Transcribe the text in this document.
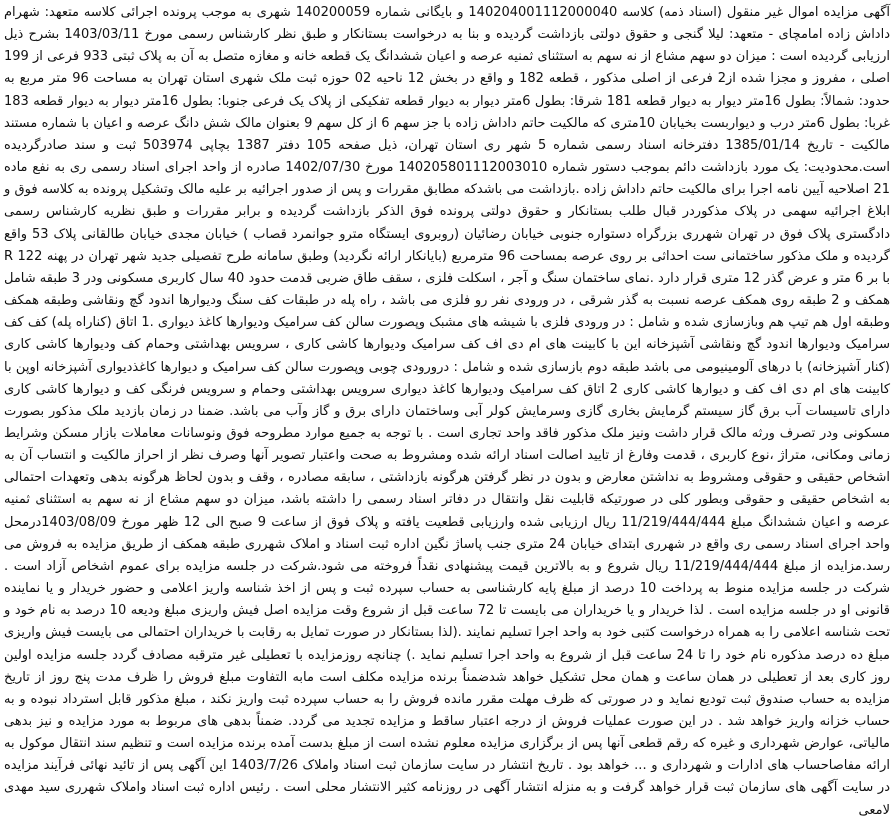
آگهی مزایده اموال غیر منقول (اسناد ذمه) کلاسه 140204001112000040 و بایگانی شماره 140200059 شهری به موجب پرونده اجرائی کلاسه متعهد: شهرام داداش زاده امامچای - متعهد: لیلا گنجی و حقوق دولتی بازداشت گردیده و بنا به درخواست بستانکار و طبق نظر کارشناس رسمی مورخ 1403/03/11 بشرح ذیل ارزیابی گردیده است : میزان دو سهم مشاع از نه سهم به استثنای ثمنیه عرصه و اعیان ششدانگ یک قطعه خانه و مغازه متصل به آن به پلاک ثبتی 933 فرعی از 199 اصلی ، مفروز و مجزا شده از2 فرعی از اصلی مذکور ، قطعه 182 و واقع در بخش 12 ناحیه 02 حوزه ثبت ملک شهری استان تهران به مساحت 96 متر مربع به حدود: شمالاً: بطول 16متر دیوار به دیوار قطعه 181 شرقا: بطول 6متر دیوار به دیوار قطعه تفکیکی از پلاک یک فرعی جنوبا: بطول 16متر دیوار به دیوار قطعه 183 غربا: بطول 6متر درب و دیواربست بخیابان 10متری که مالکیت حاتم داداش زاده با جز سهم 6 از کل سهم 9 بعنوان مالک شش دانگ عرصه و اعیان با شماره مستند مالکیت - تاریخ 1385/01/14 دفترخانه اسناد رسمی شماره 5 شهر ری استان تهران، ذیل صفحه 105 دفتر 1387 بچاپی 503974 ثبت و سند صادرگردیده است.محدودیت: یک مورد بازداشت دائم بموجب دستور شماره 140205801112003010 مورخ 1402/07/30 صادره از واحد اجرای اسناد رسمی ری به نفع ماده 21 اصلاحیه آیین نامه اجرا برای مالکیت حاتم داداش زاده .بازداشت می باشدکه مطابق مقررات و پس از صدور اجرائیه بر علیه مالک وتشکیل پرونده به کلاسه فوق و ابلاغ اجرائیه سهمی در پلاک مذکوردر قبال طلب بستانکار و حقوق دولتی پرونده فوق الذکر بازداشت گردیده و برابر مقررات و طبق نظریه کارشناس رسمی دادگستری پلاک فوق در تهران شهرری بزرگراه دستواره جنوبی خیابان رضائیان (روبروی ایستگاه مترو جوانمرد قصاب ) خیابان مجدی خیابان طالقانی پلاک 53 واقع گردیده و ملک مذکور ساختمانی ست احداثی بر روی عرصه بمساحت 96 مترمربع (بایانکار ارائه نگردید) وطبق سامانه طرح تفصیلی جدید شهر تهران در پهنه R 122 با بر 6 متر و عرض گذر 12 متری قرار دارد .نمای ساختمان سنگ و آجر ، اسکلت فلزی ، سقف طاق ضربی قدمت حدود 40 سال کاربری مسکونی ودر 3 طبقه شامل همکف و 2 طبقه روی همکف عرصه نسبت به گذر شرقی ، در ورودی نفر رو فلزی می باشد ، راه پله در طبقات کف سنگ ودیوارها اندود گچ ونقاشی وطبقه همکف وطبقه اول هم تیپ هم وبازسازی شده و شامل : در ورودی فلزی با شیشه های مشبک وپصورت سالن کف سرامیک ودیوارها کاغذ دیواری .1 اتاق (کناراه پله) کف کف سرامیک ودیوارها اندود گچ ونقاشی آشپزخانه این با کابینت های ام دی اف کف سرامیک ودیوارها کاشی کاری ، سرویس بهداشتی وحمام کف ودیوارها کاشی کاری (کنار آشپزخانه) با درهای آلومینیومی می باشد طبقه دوم بازسازی شده و شامل : درورودی چوبی وپصورت سالن کف سرامیک و دیوارها کاغذدیواری آشپزخانه اوپن با کابینت های ام دی اف کف و دیوارها کاشی کاری 2 اتاق کف سرامیک ودیوارها کاغذ دیواری سرویس بهداشتی وحمام و سرویس فرنگی کف و دیوارها کاشی کاری دارای تاسیسات آب برق گاز سیستم گرمایش بخاری گازی وسرمایش کولر آبی وساختمان دارای برق و گاز وآب می باشد. ضمنا در زمان بازدید ملک مذکور بصورت مسکونی ودر تصرف ورثه مالک قرار داشت ونیز ملک مذکور فاقد واحد تجاری است . با توجه به جمیع موارد مطروحه فوق ونوسانات معاملات بازار مسکن وشرایط زمانی ومکانی، متراژ ،نوع کاربری ، قدمت وفارغ از تایید اصالت اسناد ارائه شده ومشروط به صحت واعتبار تصویر آنها وصرف نظر از احراز مالکیت و انتساب آن به اشخاص حقیقی و حقوقی ومشروط به نداشتن معارض و بدون در نظر گرفتن هرگونه بازداشتی ، سابقه مصادره ، وقف و بدون لحاظ هرگونه بدهی وتعهدات احتمالی به اشخاص حقیقی و حقوقی وبطور کلی در صورتیکه قابلیت نقل وانتقال در دفاتر اسناد رسمی را داشته باشد، میزان دو سهم مشاع از نه سهم به استثنای ثمنیه عرصه و اعیان ششدانگ مبلغ 11/219/444/444 ریال ارزیابی شده وارزیابی قطعیت یافته و پلاک فوق از ساعت 9 صبح الی 12 ظهر مورخ 1403/08/09درمحل واحد اجرای اسناد رسمی ری واقع در شهرری ابتدای خیابان 24 متری جنب پاساژ نگین اداره ثبت اسناد و املاک شهرری طبقه همکف از طریق مزایده به فروش می رسد.مزایده از مبلغ 11/219/444/444 ریال شروع و به بالاترین قیمت پیشنهادی نقداً فروخته می شود.شرکت در جلسه مزایده برای عموم اشخاص آزاد است . شرکت در جلسه مزایده منوط به پرداخت 10 درصد از مبلغ پایه کارشناسی به حساب سپرده ثبت و پس از اخذ شناسه واریز اعلامی و حضور خریدار و یا نماینده قانونی او در جلسه مزایده است . لذا خریدار و یا خریداران می بایست تا 72 ساعت قبل از شروع وقت مزایده اصل فیش واریزی مبلغ ودیعه 10 درصد به نام خود و تحت شناسه اعلامی را به همراه درخواست کتبی خود به واحد اجرا تسلیم نمایند .(لذا بستانکار در صورت تمایل به رقابت با خریداران احتمالی می بایست فیش واریزی مبلغ ده درصد مذکوره نام خود را تا 24 ساعت قبل از شروع به واحد اجرا تسلیم نماید .) چنانچه روزمزایده با تعطیلی غیر مترقبه مصادف گردد جلسه مزایده اولین روز کاری بعد از تعطیلی در همان ساعت و همان محل تشکیل خواهد شدضمناً برنده مزایده مکلف است مابه التفاوت مبلغ فروش را ظرف مدت پنج روز از تاریخ مزایده به حساب صندوق ثبت تودیع نماید و در صورتی که ظرف مهلت مقرر مانده فروش را به حساب سپرده ثبت واریز نکند ، مبلغ مذکور قابل استرداد نبوده و به حساب خزانه واریز خواهد شد . در این صورت عملیات فروش از درجه اعتبار ساقط و مزایده تجدید می گردد. ضمناً بدهی های مربوط به مورد مزایده و نیز بدهی مالیاتی، عوارض شهرداری و غیره که رقم قطعی آنها پس از برگزاری مزایده معلوم نشده است از مبلغ بدست آمده برنده مزایده است و تنظیم سند انتقال موکول به ارائه مفاصاحساب های ادارات و شهرداری و ... خواهد بود . تاریخ انتشار در سایت سازمان ثبت اسناد واملاک 1403/7/26 این آگهی پس از تائید نهائی فرآیند مزایده در سایت آگهی های سازمان ثبت قرار خواهد گرفت و به منزله انتشار آگهی در روزنامه کثیر الانتشار محلی است . رئیس اداره ثبت اسناد واملاک شهرری سید مهدی لامعی
